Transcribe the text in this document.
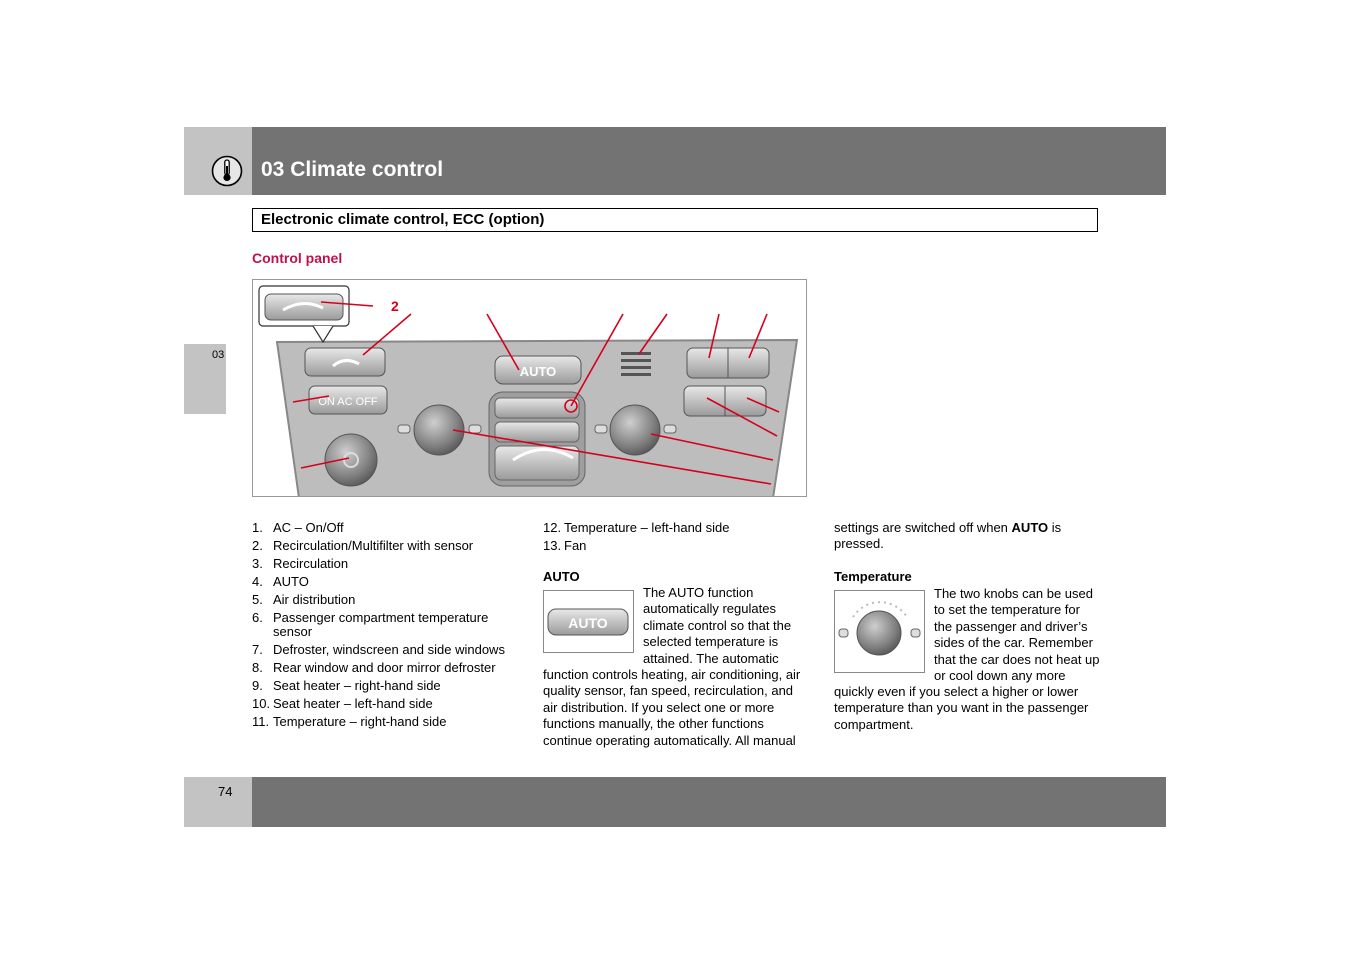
03 Climate control
Electronic climate control, ECC (option)
Control panel
03
ON AC OFF
AUTO
2
1. AC – On/Off
2. Recirculation/Multifilter with sensor
3. Recirculation
4. AUTO
5. Air distribution
6. Passenger compartment temperature sensor
7. Defroster, windscreen and side windows
8. Rear window and door mirror defroster
9. Seat heater – right-hand side
10. Seat heater – left-hand side
11. Temperature – right-hand side
12. Temperature – left-hand side
13. Fan
AUTO
AUTO
The AUTO function automatically regulates climate control so that the selected temperature is attained. The automatic
function controls heating, air conditioning, air quality sensor, fan speed, recirculation, and air distribution. If you select one or more functions manually, the other functions continue operating automatically. All manual
settings are switched off when AUTO is pressed.
Temperature
The two knobs can be used to set the temperature for the passenger and driver’s sides of the car. Remember that the car does not heat up or cool down any more
quickly even if you select a higher or lower temperature than you want in the passenger compartment.
74
